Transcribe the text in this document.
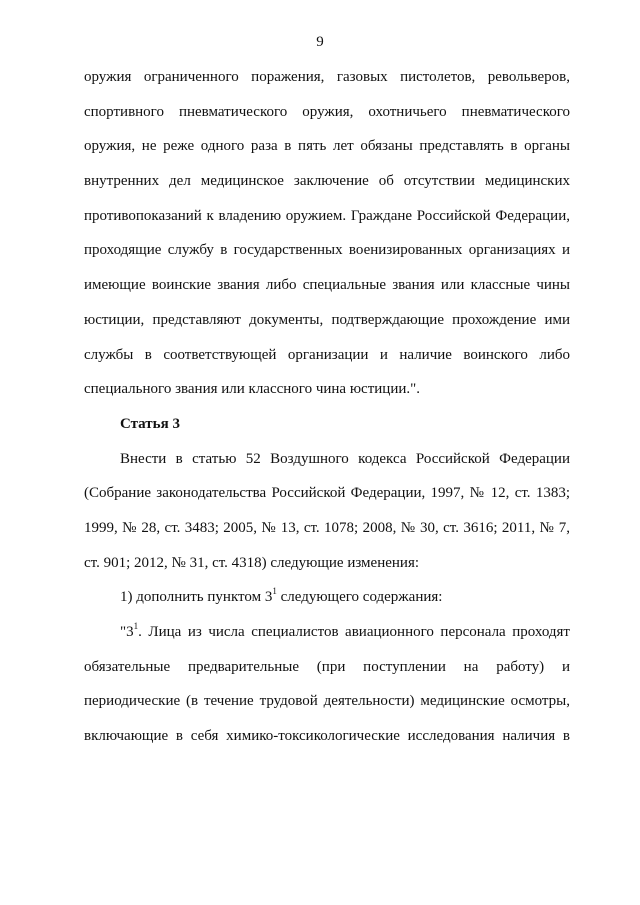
9
оружия ограниченного поражения, газовых пистолетов, револьверов,
спортивного пневматического оружия, охотничьего пневматического
оружия, не реже одного раза в пять лет обязаны представлять в органы
внутренних дел медицинское заключение об отсутствии медицинских
противопоказаний к владению оружием. Граждане Российской Федерации,
проходящие службу в государственных военизированных организациях и
имеющие воинские звания либо специальные звания или классные чины
юстиции, представляют документы, подтверждающие прохождение ими
службы в соответствующей организации и наличие воинского либо
специального звания или классного чина юстиции.".
Статья 3
Внести в статью 52 Воздушного кодекса Российской Федерации
(Собрание законодательства Российской Федерации, 1997, № 12, ст. 1383;
1999, № 28, ст. 3483; 2005, № 13, ст. 1078; 2008, № 30, ст. 3616; 2011, № 7,
ст. 901; 2012, № 31, ст. 4318) следующие изменения:
1) дополнить пунктом $3^1$ следующего содержания:
"$3^1$. Лица из числа специалистов авиационного персонала проходят
обязательные предварительные (при поступлении на работу) и
периодические (в течение трудовой деятельности) медицинские осмотры,
включающие в себя химико-токсикологические исследования наличия в
